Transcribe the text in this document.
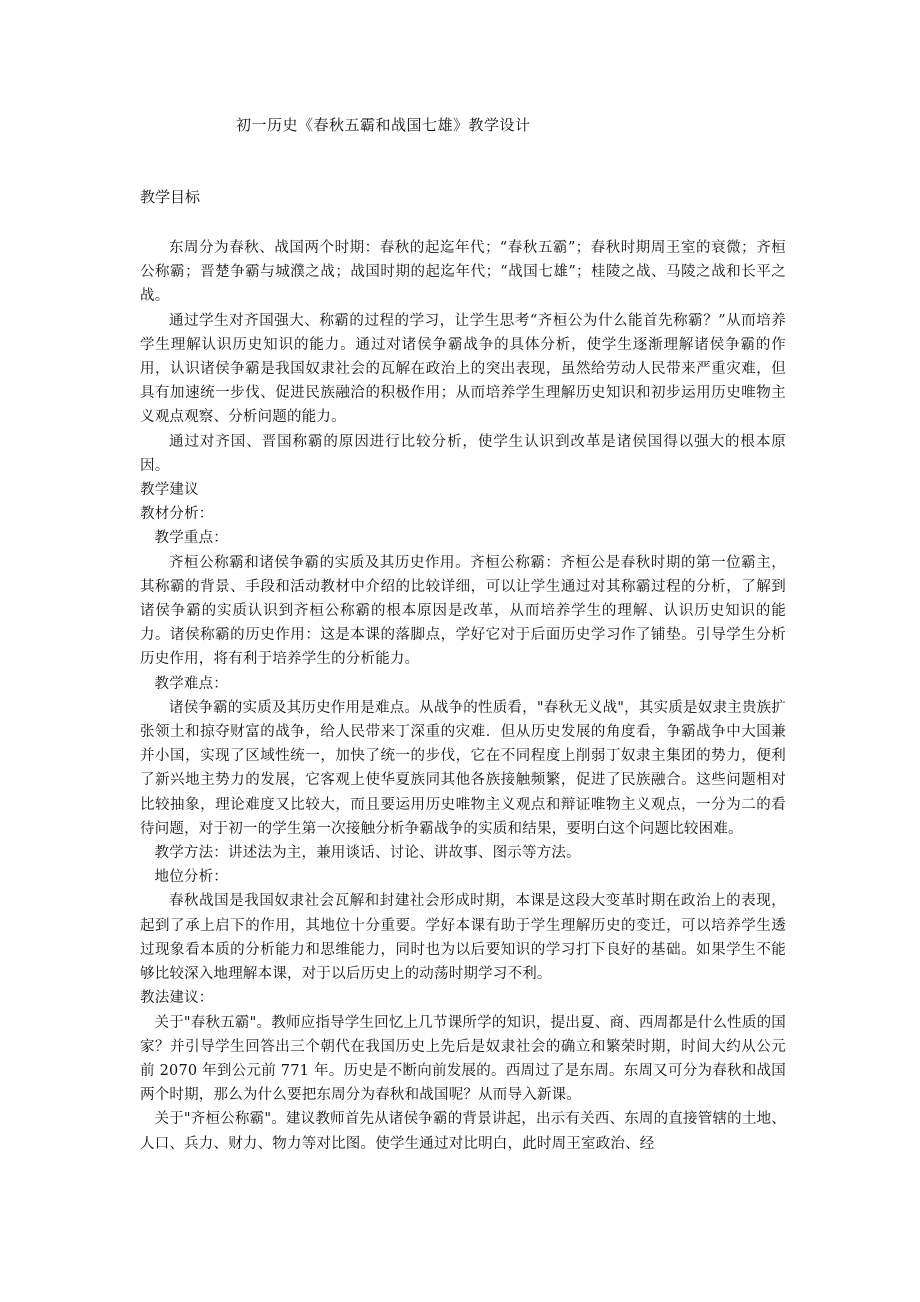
初一历史《春秋五霸和战国七雄》教学设计
教学目标

东周分为春秋、战国两个时期：春秋的起迄年代；“春秋五霸”；春秋时期周王室的衰微；齐桓公称霸；晋楚争霸与城濮之战；战国时期的起迄年代；“战国七雄”；桂陵之战、马陵之战和长平之战。

通过学生对齐国强大、称霸的过程的学习，让学生思考“齐桓公为什么能首先称霸？”从而培养学生理解认识历史知识的能力。通过对诸侯争霸战争的具体分析，使学生逐渐理解诸侯争霸的作用，认识诸侯争霸是我国奴隶社会的瓦解在政治上的突出表现，虽然给劳动人民带来严重灾难，但具有加速统一步伐、促进民族融洽的积极作用；从而培养学生理解历史知识和初步运用历史唯物主义观点观察、分析问题的能力。

通过对齐国、晋国称霸的原因进行比较分析，使学生认识到改革是诸侯国得以强大的根本原因。

教学建议

教材分析：

教学重点：

齐桓公称霸和诸侯争霸的实质及其历史作用。齐桓公称霸：齐桓公是春秋时期的第一位霸主，其称霸的背景、手段和活动教材中介绍的比较详细，可以让学生通过对其称霸过程的分析，了解到诸侯争霸的实质认识到齐桓公称霸的根本原因是改革，从而培养学生的理解、认识历史知识的能力。诸侯称霸的历史作用：这是本课的落脚点，学好它对于后面历史学习作了铺垫。引导学生分析历史作用，将有利于培养学生的分析能力。

教学难点：

诸侯争霸的实质及其历史作用是难点。从战争的性质看，"春秋无义战"，其实质是奴隶主贵族扩张领土和掠夺财富的战争，给人民带来丁深重的灾难．但从历史发展的角度看，争霸战争中大国兼并小国，实现了区域性统一，加快了统一的步伐，它在不同程度上削弱丁奴隶主集团的势力，便利了新兴地主势力的发展，它客观上使华夏族同其他各族接触频繁，促进了民族融合。这些问题相对比较抽象，理论难度又比较大，而且要运用历史唯物主义观点和辩证唯物主义观点，一分为二的看待问题，对于初一的学生第一次接触分析争霸战争的实质和结果，要明白这个问题比较困难。

教学方法：讲述法为主，兼用谈话、讨论、讲故事、图示等方法。

地位分析：

春秋战国是我国奴隶社会瓦解和封建社会形成时期，本课是这段大变革时期在政治上的表现，起到了承上启下的作用，其地位十分重要。学好本课有助于学生理解历史的变迁，可以培养学生透过现象看本质的分析能力和思维能力，同时也为以后要知识的学习打下良好的基础。如果学生不能够比较深入地理解本课，对于以后历史上的动荡时期学习不利。

教法建议：

关于"春秋五霸"。教师应指导学生回忆上几节课所学的知识，提出夏、商、西周都是什么性质的国家？并引导学生回答出三个朝代在我国历史上先后是奴隶社会的确立和繁荣时期，时间大约从公元前 2070 年到公元前 771 年。历史是不断向前发展的。西周过了是东周。东周又可分为春秋和战国两个时期，那么为什么要把东周分为春秋和战国呢？从而导入新课。

关于"齐桓公称霸"。建议教师首先从诸侯争霸的背景讲起，出示有关西、东周的直接管辖的土地、人口、兵力、财力、物力等对比图。使学生通过对比明白，此时周王室政治、经
